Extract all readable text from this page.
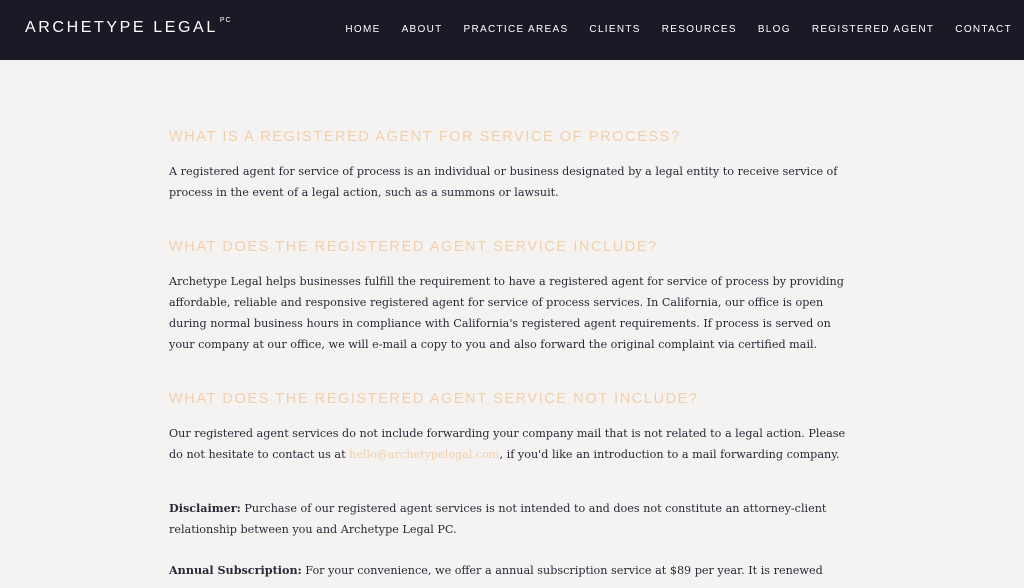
ARCHETYPE LEGAL $^{PC}$
HOME ABOUT PRACTICE AREAS CLIENTS RESOURCES BLOG REGISTERED AGENT CONTACT
WHAT IS A REGISTERED AGENT FOR SERVICE OF PROCESS?

A registered agent for service of process is an individual or business designated by a legal entity to receive service of process in the event of a legal action, such as a summons or lawsuit.

WHAT DOES THE REGISTERED AGENT SERVICE INCLUDE?

Archetype Legal helps businesses fulfill the requirement to have a registered agent for service of process by providing affordable, reliable and responsive registered agent for service of process services. In California, our office is open during normal business hours in compliance with California's registered agent requirements. If process is served on your company at our office, we will e-mail a copy to you and also forward the original complaint via certified mail.

WHAT DOES THE REGISTERED AGENT SERVICE NOT INCLUDE?

Our registered agent services do not include forwarding your company mail that is not related to a legal action. Please do not hesitate to contact us at hello@archetypelegal.com, if you'd like an introduction to a mail forwarding company.

Disclaimer: Purchase of our registered agent services is not intended to and does not constitute an attorney-client relationship between you and Archetype Legal PC.

Annual Subscription: For your convenience, we offer a annual subscription service at $89 per year. It is renewed
